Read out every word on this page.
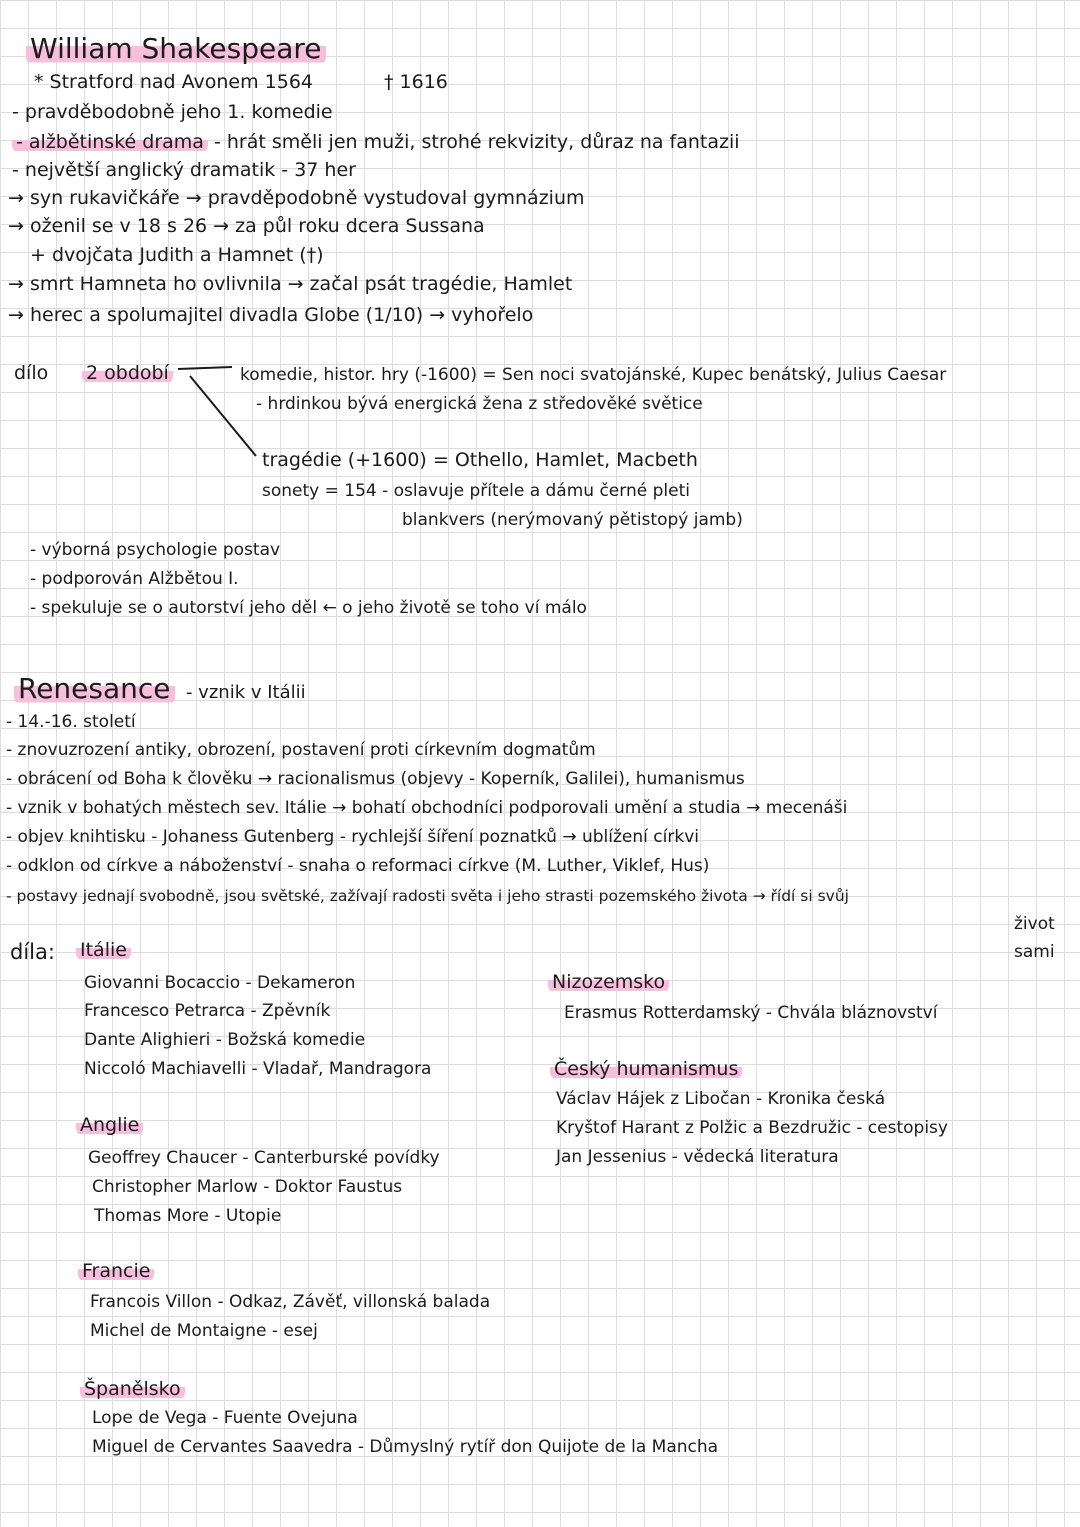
William Shakespeare
* Stratford nad Avonem 1564	† 1616
- pravděbodobně jeho 1. komedie
- alžbětinské drama - hrát směli jen muži, strohé rekvizity, důraz na fantazii
- největší anglický dramatik - 37 her
→ syn rukavičkáře → pravděpodobně vystudoval gymnázium
→ oženil se v 18 s 26 → za půl roku dcera Sussana
+ dvojčata Judith a Hamnet (†)
→ smrt Hamneta ho ovlivnila → začal psát tragédie, Hamlet
→ herec a spolumajitel divadla Globe (1/10) → vyhořelo
dílo 2 období	komedie, histor. hry (-1600) = Sen noci svatojánské, Kupec benátský, Julius Caesar
- hrdinkou bývá energická žena z středověké světice
tragédie (+1600) = Othello, Hamlet, Macbeth
sonety = 154 - oslavuje přítele a dámu černé pleti
blankvers (nerýmovaný pětistopý jamb)
- výborná psychologie postav
- podporován Alžbětou I.
- spekuluje se o autorství jeho děl ← o jeho životě se toho ví málo
Renesance - vznik v Itálii
- 14.-16. století
- znovuzrození antiky, obrození, postavení proti církevním dogmatům
- obrácení od Boha k člověku → racionalismus (objevy - Koperník, Galilei), humanismus
- vznik v bohatých městech sev. Itálie → bohatí obchodníci podporovali umění a studia → mecenáši
- objev knihtisku - Johaness Gutenberg - rychlejší šíření poznatků → ublížení církvi
- odklon od církve a náboženství - snaha o reformaci církve (M. Luther, Viklef, Hus)
- postavy jednají svobodně, jsou světské, zažívají radosti světa i jeho strasti pozemského života → řídí si svůj
život
sami
díla: Itálie
Giovanni Bocaccio - Dekameron
Francesco Petrarca - Zpěvník
Dante Alighieri - Božská komedie
Niccoló Machiavelli - Vladař, Mandragora
Anglie
Geoffrey Chaucer - Canterburské povídky
Christopher Marlow - Doktor Faustus
Thomas More - Utopie
Francie
Francois Villon - Odkaz, Závěť, villonská balada
Michel de Montaigne - esej
Španělsko
Lope de Vega - Fuente Ovejuna
Miguel de Cervantes Saavedra - Důmyslný rytíř don Quijote de la Mancha
Nizozemsko
Erasmus Rotterdamský - Chvála bláznovství
Český humanismus
Václav Hájek z Libočan - Kronika česká
Kryštof Harant z Polžic a Bezdružic - cestopisy
Jan Jessenius - vědecká literatura
